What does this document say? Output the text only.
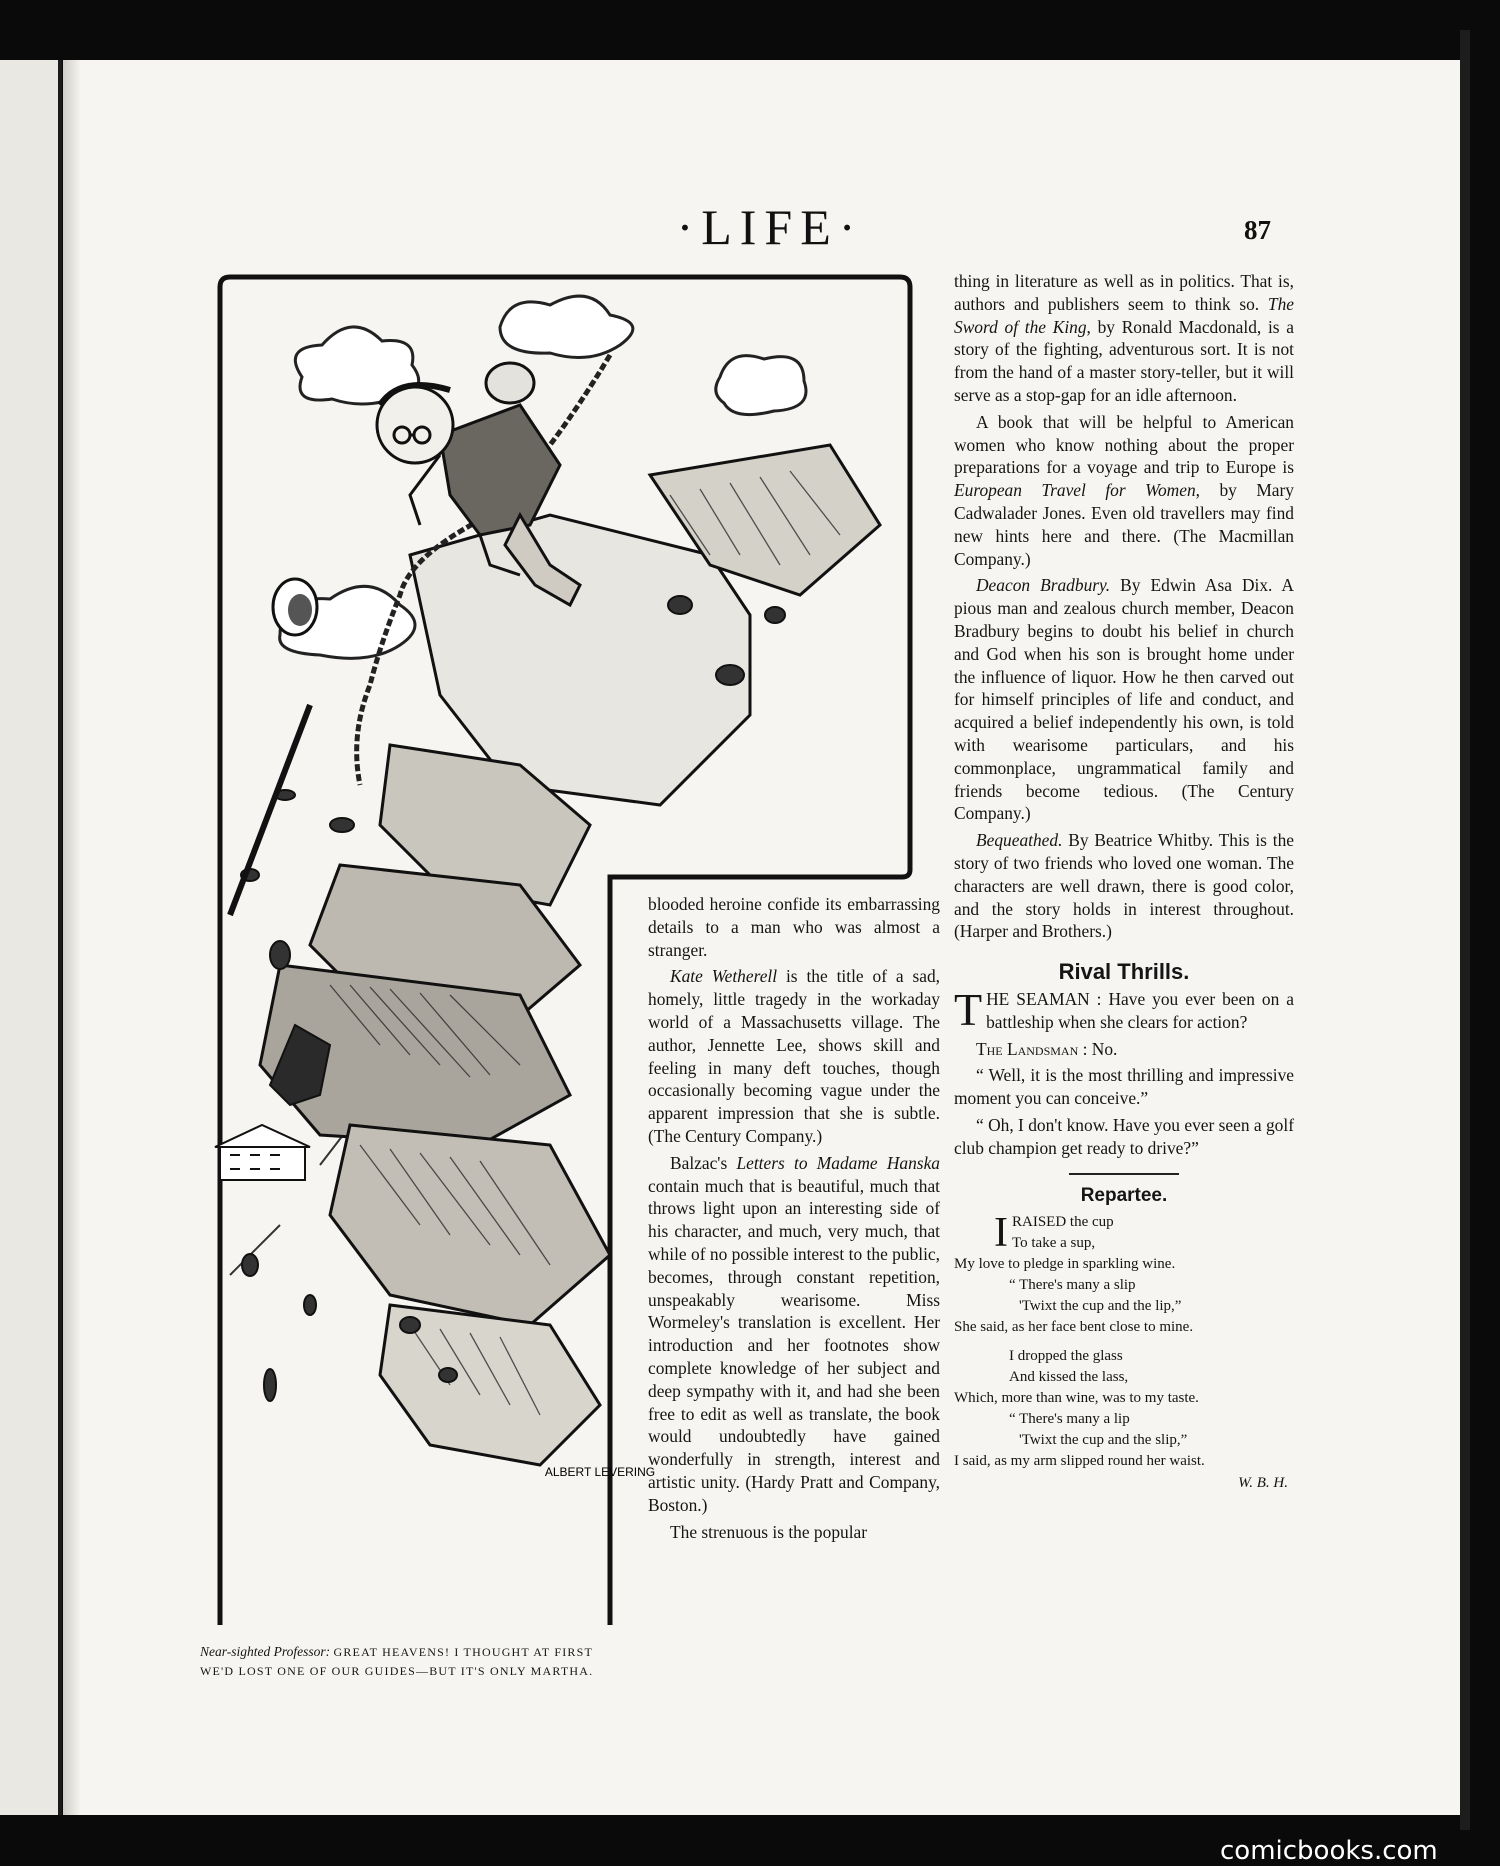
·LIFE·	87
ALBERT LEVERING
Near-sighted Professor: GREAT HEAVENS! I THOUGHT AT FIRST WE'D LOST ONE OF OUR GUIDES—BUT IT'S ONLY MARTHA.

blooded heroine confide its embarrassing details to a man who was almost a stranger.

Kate Wetherell is the title of a sad, homely, little tragedy in the workaday world of a Massachusetts village. The author, Jennette Lee, shows skill and feeling in many deft touches, though occasionally becoming vague under the apparent impression that she is subtle. (The Century Company.)

Balzac's Letters to Madame Hanska contain much that is beautiful, much that throws light upon an interesting side of his character, and much, very much, that while of no possible interest to the public, becomes, through constant repetition, unspeakably wearisome. Miss Wormeley's translation is excellent. Her introduction and her footnotes show complete knowledge of her subject and deep sympathy with it, and had she been free to edit as well as translate, the book would undoubtedly have gained wonderfully in strength, interest and artistic unity. (Hardy Pratt and Company, Boston.)

The strenuous is the popular

thing in literature as well as in politics. That is, authors and publishers seem to think so. The Sword of the King, by Ronald Macdonald, is a story of the fighting, adventurous sort. It is not from the hand of a master story-teller, but it will serve as a stop-gap for an idle afternoon.

A book that will be helpful to American women who know nothing about the proper preparations for a voyage and trip to Europe is European Travel for Women, by Mary Cadwalader Jones. Even old travellers may find new hints here and there. (The Macmillan Company.)

Deacon Bradbury. By Edwin Asa Dix. A pious man and zealous church member, Deacon Bradbury begins to doubt his belief in church and God when his son is brought home under the influence of liquor. How he then carved out for himself principles of life and conduct, and acquired a belief independently his own, is told with wearisome particulars, and his commonplace, ungrammatical family and friends become tedious. (The Century Company.)

Bequeathed. By Beatrice Whitby. This is the story of two friends who loved one woman. The characters are well drawn, there is good color, and the story holds in interest throughout. (Harper and Brothers.)

Rival Thrills.

THE SEAMAN : Have you ever been on a battleship when she clears for action?

The Landsman : No.

“ Well, it is the most thrilling and impressive moment you can conceive.”

“ Oh, I don't know. Have you ever seen a golf club champion get ready to drive?”

Repartee.
I RAISED the cup
To take a sup,
My love to pledge in sparkling wine.
“ There's many a slip
'Twixt the cup and the lip,”
She said, as her face bent close to mine.
I dropped the glass
And kissed the lass,
Which, more than wine, was to my taste.
“ There's many a lip
'Twixt the cup and the slip,”
I said, as my arm slipped round her waist.
W. B. H.
comicbooks.com
